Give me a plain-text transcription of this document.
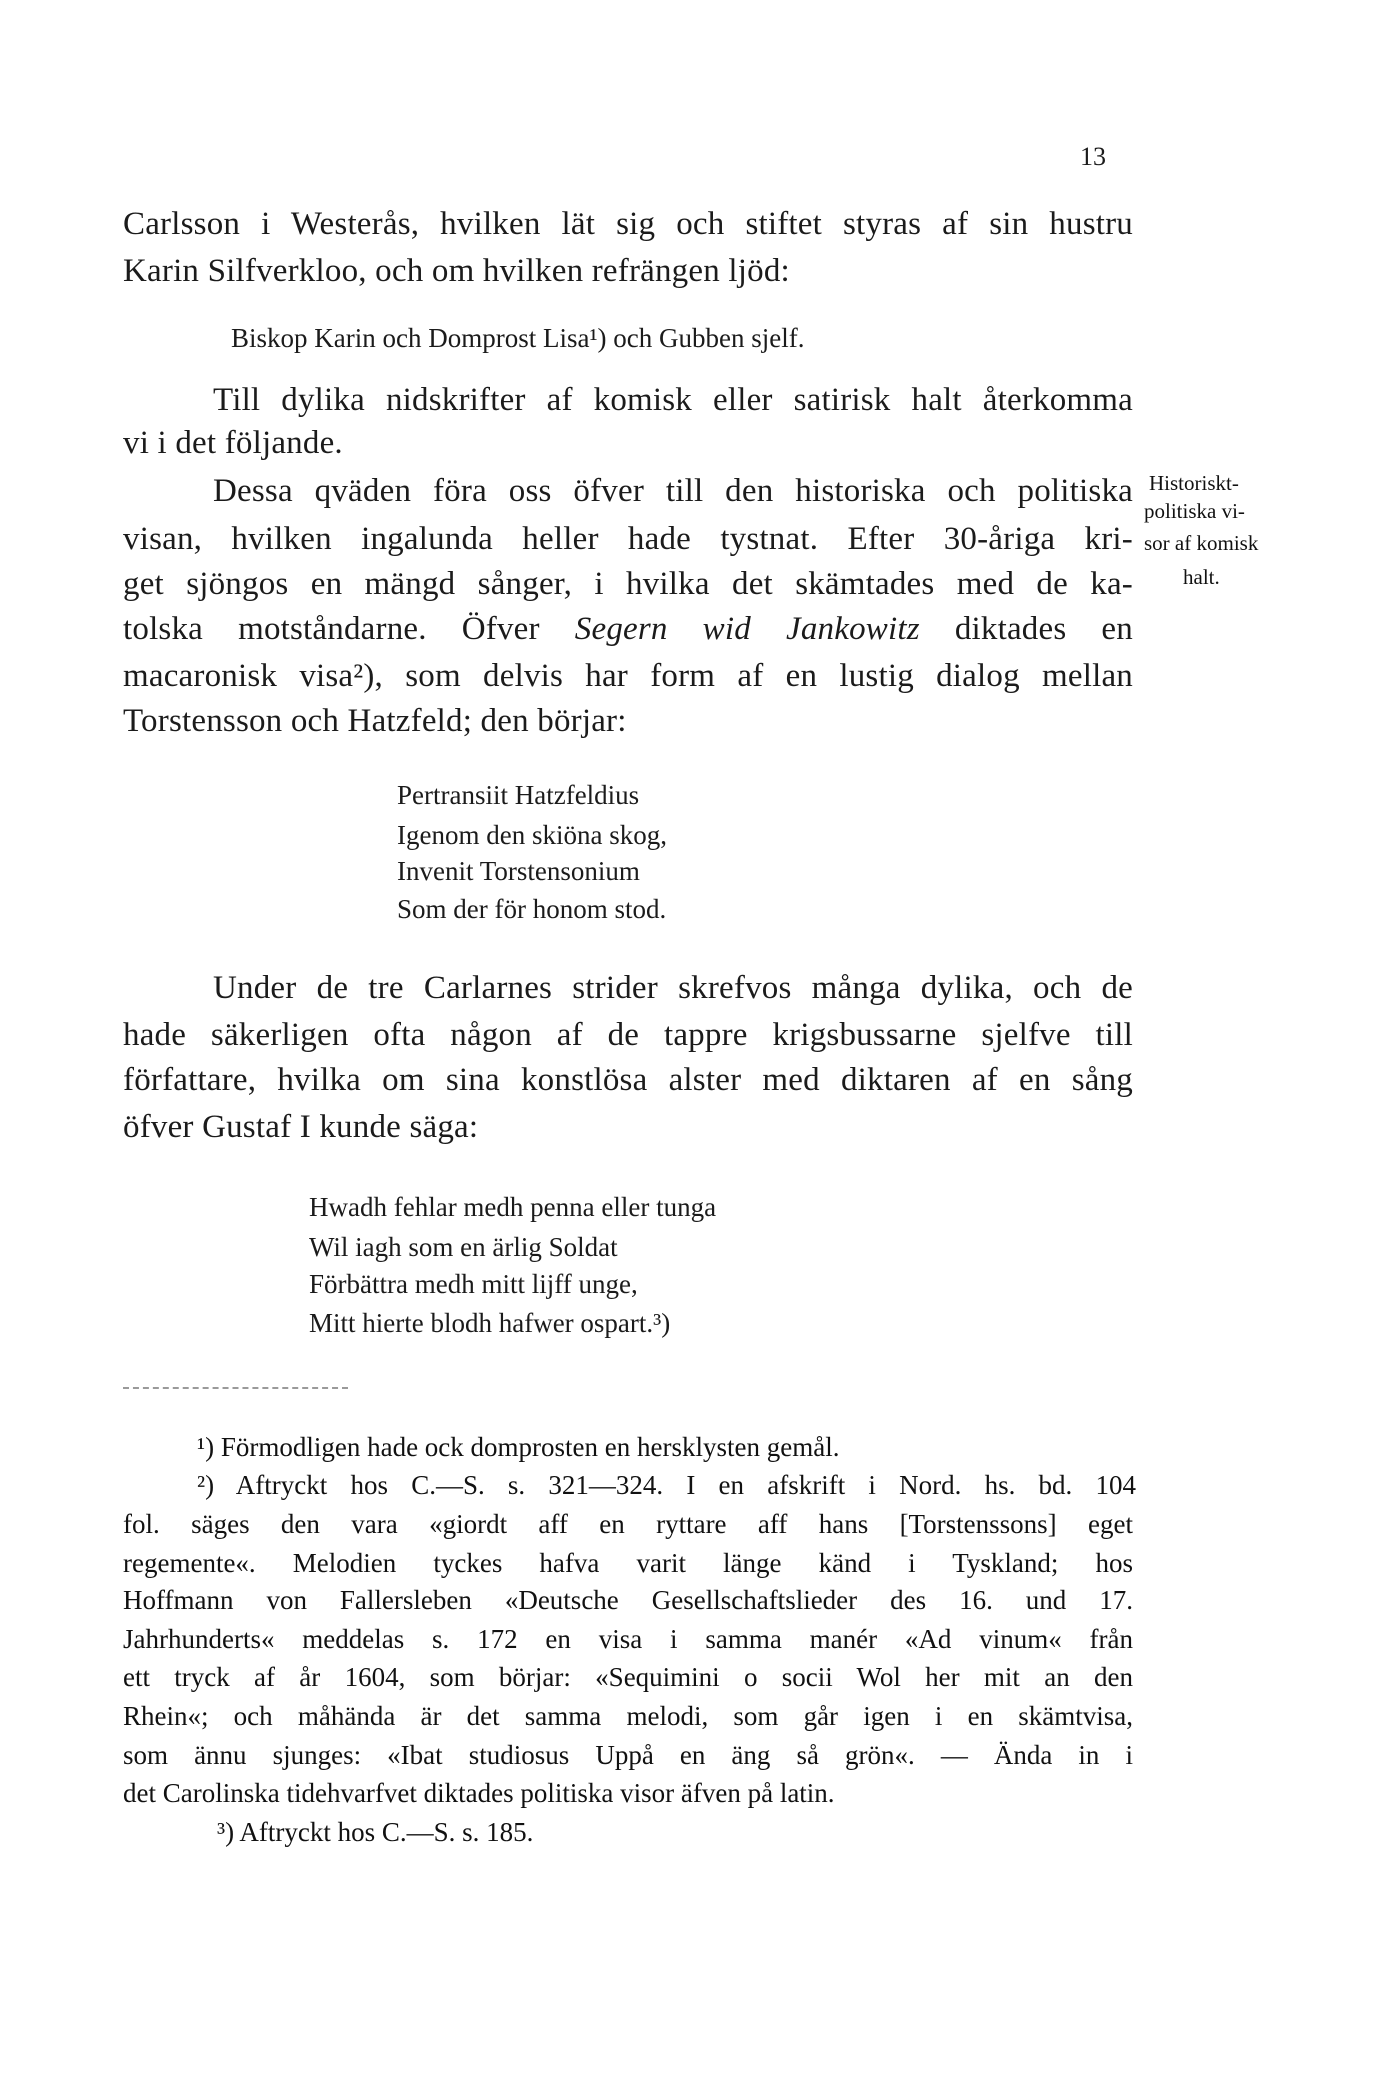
13
Carlsson i Westerås, hvilken lät sig och stiftet styras af sin hustru
Karin Silfverkloo, och om hvilken refrängen ljöd:
Biskop Karin och Domprost Lisa¹) och Gubben sjelf.
Till dylika nidskrifter af komisk eller satirisk halt återkomma
vi i det följande.
Dessa qväden föra oss öfver till den historiska och politiska
visan, hvilken ingalunda heller hade tystnat. Efter 30-åriga kri-
get sjöngos en mängd sånger, i hvilka det skämtades med de ka-
tolska motståndarne. Öfver Segern wid Jankowitz diktades en
macaronisk visa²), som delvis har form af en lustig dialog mellan
Torstensson och Hatzfeld; den börjar:
Historiskt-
politiska vi-
sor af komisk
halt.
Pertransiit Hatzfeldius
Igenom den skiöna skog,
Invenit Torstensonium
Som der för honom stod.
Under de tre Carlarnes strider skrefvos många dylika, och de
hade säkerligen ofta någon af de tappre krigsbussarne sjelfve till
författare, hvilka om sina konstlösa alster med diktaren af en sång
öfver Gustaf I kunde säga:
Hwadh fehlar medh penna eller tunga
Wil iagh som en ärlig Soldat
Förbättra medh mitt lijff unge,
Mitt hierte blodh hafwer ospart.³)
¹) Förmodligen hade ock domprosten en hersklysten gemål.
²) Aftryckt hos C.—S. s. 321—324. I en afskrift i Nord. hs. bd. 104
fol. säges den vara «giordt aff en ryttare aff hans [Torstenssons] eget
regemente«. Melodien tyckes hafva varit länge känd i Tyskland; hos
Hoffmann von Fallersleben «Deutsche Gesellschaftslieder des 16. und 17.
Jahrhunderts« meddelas s. 172 en visa i samma manér «Ad vinum« från
ett tryck af år 1604, som börjar: «Sequimini o socii Wol her mit an den
Rhein«; och måhända är det samma melodi, som går igen i en skämtvisa,
som ännu sjunges: «Ibat studiosus Uppå en äng så grön«. — Ända in i
det Carolinska tidehvarfvet diktades politiska visor äfven på latin.
³) Aftryckt hos C.—S. s. 185.
